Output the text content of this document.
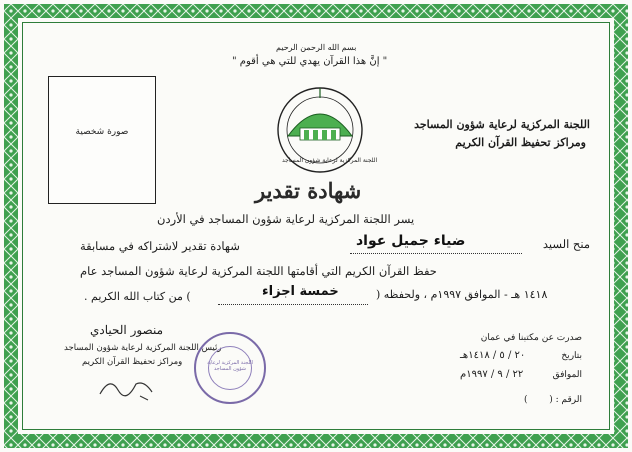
بسم الله الرحمن الرحيم
" إنَّ هذا القرآن يهدي للتي هي أقوم "
اللجنة المركزية لرعاية شؤون المساجد
ومراكز تحفيظ القرآن الكريم
اللجنة المركزية لرعاية شؤون المساجد
صورة شخصية
شهادة تقدير
يسر اللجنة المركزية لرعاية شؤون المساجد في الأردن
منح السيد
ضياء جميل عواد
شهادة تقدير لاشتراكه في مسابقة
حفظ القرآن الكريم التي أقامتها اللجنة المركزية لرعاية شؤون المساجد عام
١٤١٨ هـ - الموافق ١٩٩٧م ، ولحفظه (
خمسة اجزاء
) من كتاب الله الكريم .
منصور الحيادي
رئيس اللجنة المركزية لرعاية شؤون المساجد
ومراكز تحفيظ القرآن الكريم	اللجنة المركزية لرعاية شؤون المساجد
صدرت عن مكتبنا في عمان
بتاريخ
٢٠ / ٥ / ١٤١٨هـ
الموافق
٢٢ / ٩ / ١٩٩٧م
الرقم : (
)
